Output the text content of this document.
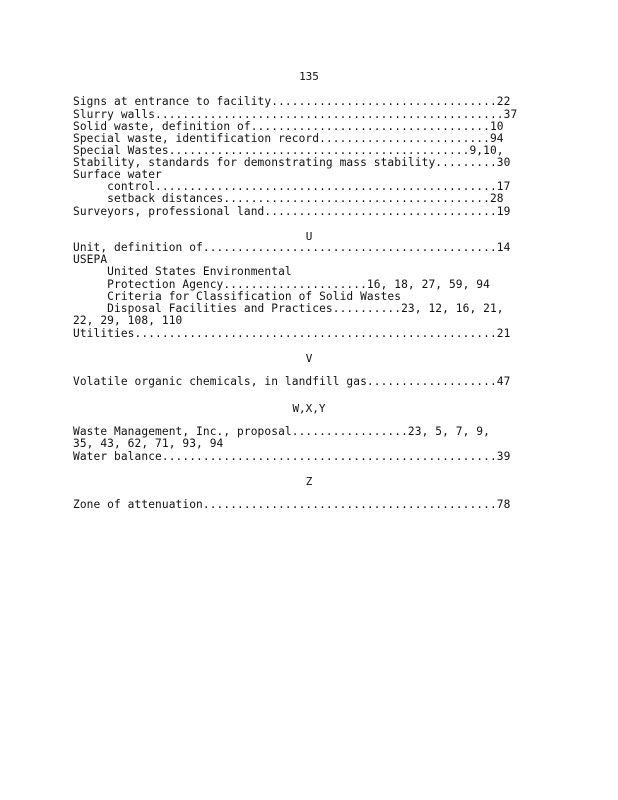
135
Signs at entrance to facility.................................22
Slurry walls...................................................37
Solid waste, definition of...................................10
Special waste, identification record.........................94
Special Wastes............................................9,10,
Stability, standards for demonstrating mass stability.........30
Surface water
control..................................................17
setback distances.......................................28
Surveyors, professional land..................................19
U
Unit, definition of...........................................14
USEPA
United States Environmental
Protection Agency.....................16, 18, 27, 59, 94
Criteria for Classification of Solid Wastes
Disposal Facilities and Practices..........23, 12, 16, 21,
22, 29, 108, 110
Utilities.....................................................21
V
Volatile organic chemicals, in landfill gas...................47
W,X,Y
Waste Management, Inc., proposal.................23, 5, 7, 9,
35, 43, 62, 71, 93, 94
Water balance.................................................39
Z
Zone of attenuation...........................................78
